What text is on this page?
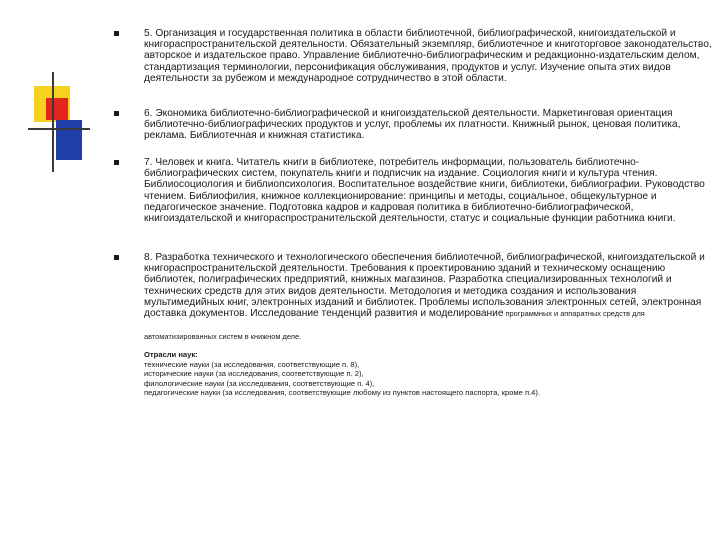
5. Организация и государственная политика в области библиотечной, библиографической, книгоиздательской и книгораспространительской деятельности. Обязательный экземпляр, библиотечное и книготорговое законодательство, авторское и издательское право. Управление библиотечно-библиографическим и редакционно-издательским делом, стандартизация терминологии, персонификация обслуживания, продуктов и услуг. Изучение опыта этих видов деятельности за рубежом и международное сотрудничество в этой области.

6. Экономика библиотечно-библиографической и книгоиздательской деятельности. Маркетинговая ориентация библиотечно-библиографических продуктов и услуг, проблемы их платности. Книжный рынок, ценовая политика, реклама. Библиотечная и книжная статистика.

7. Человек и книга. Читатель книги в библиотеке, потребитель информации, пользователь библиотечно-библиографических систем, покупатель книги и подписчик на издание. Социология книги и культура чтения. Библиосоциология и библиопсихология. Воспитательное воздействие книги, библиотеки, библиографии. Руководство чтением. Библиофилия, книжное коллекционирование: принципы и методы, социальное, общекультурное и педагогическое значение. Подготовка кадров и кадровая политика в библиотечно-библиографической, книгоиздательской и книгораспространительской деятельности, статус и социальные функции работника книги.

8. Разработка технического и технологического обеспечения библиотечной, библиографической, книгоиздательской и книгораспространительской деятельности. Требования к проектированию зданий и техническому оснащению библиотек, полиграфических предприятий, книжных магазинов. Разработка специализированных технологий и технических средств для этих видов деятельности. Методология и методика создания и использования мультимедийных книг, электронных изданий и библиотек. Проблемы использования электронных сетей, электронная доставка документов. Исследование тенденций развития и моделирование программных и аппаратных средств для

автоматизированных систем в книжном деле.
Отрасли наук:
технические науки (за исследования, соответствующие п. 8),
исторические науки (за исследования, соответствующие п. 2),
филологические науки (за исследования, соответствующие п. 4),
педагогические науки (за исследования, соответствующие любому из пунктов настоящего паспорта, кроме п.4).
